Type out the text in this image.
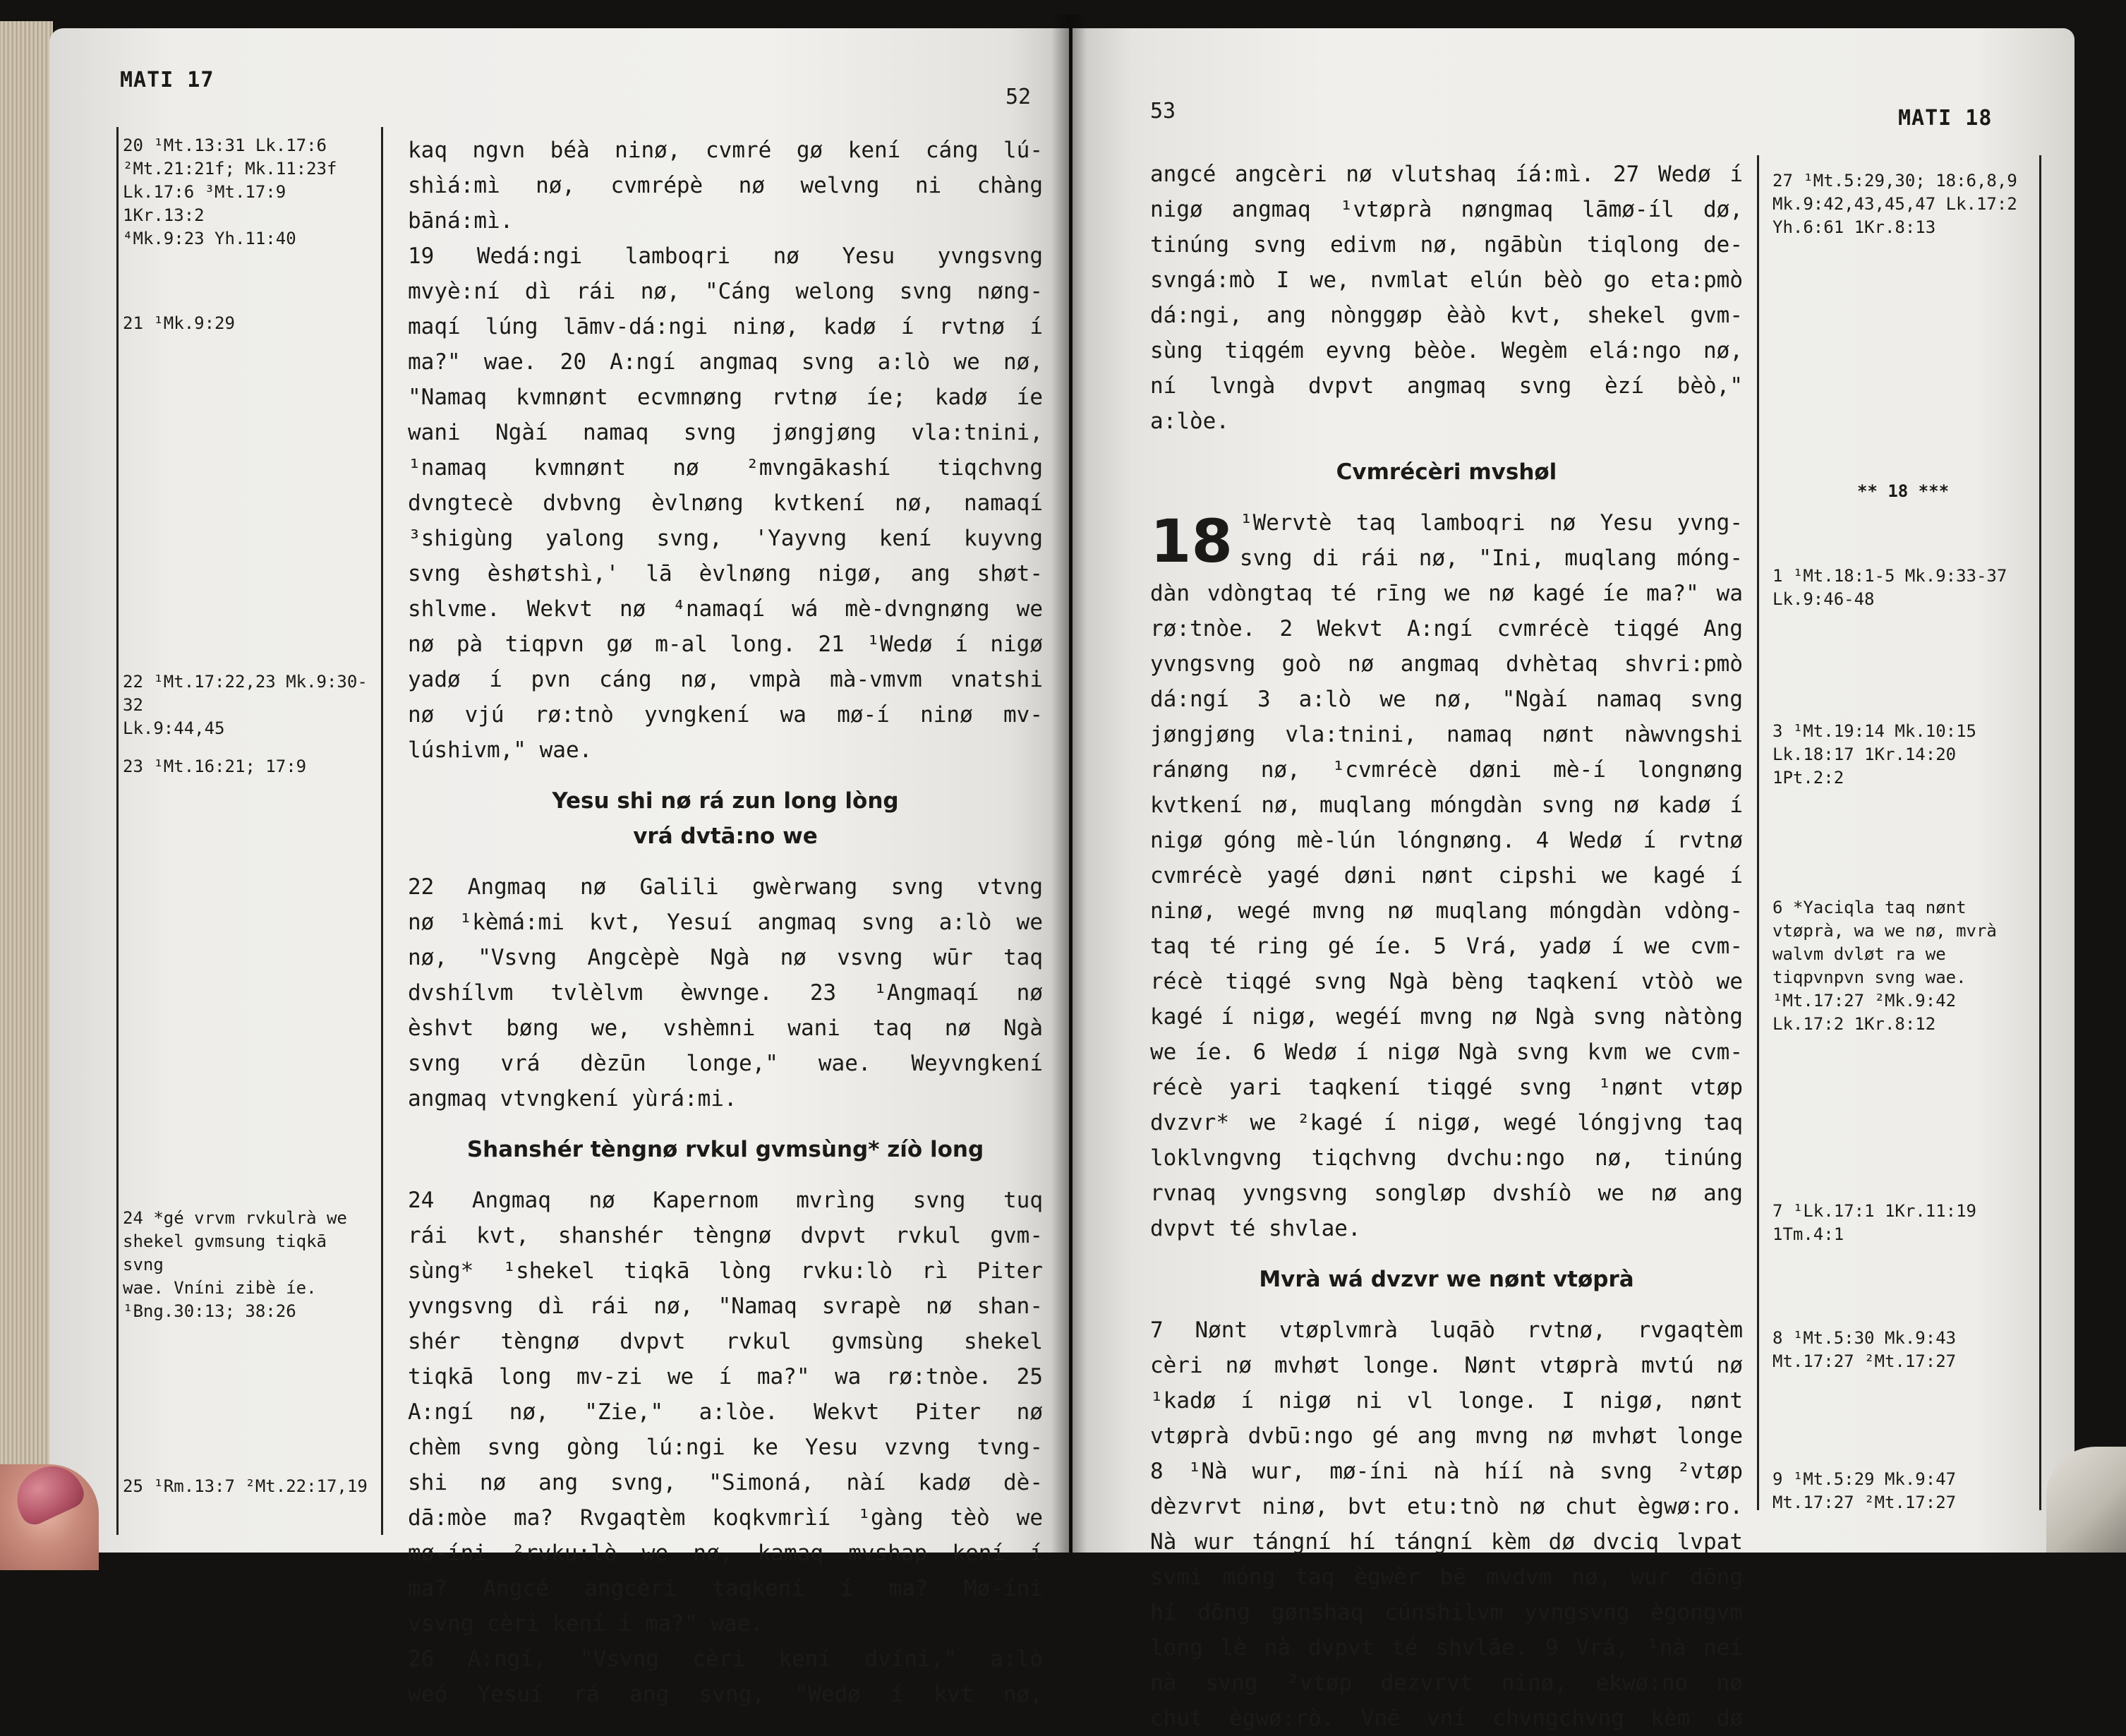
MATI 17
52
20 ¹Mt.13:31 Lk.17:6
²Mt.21:21f; Mk.11:23f
Lk.17:6 ³Mt.17:9 1Kr.13:2
⁴Mk.9:23 Yh.11:40
21 ¹Mk.9:29
22 ¹Mt.17:22,23 Mk.9:30-32
Lk.9:44,45
23 ¹Mt.16:21; 17:9
24 *gé vrvm rvkulrà we
shekel gvmsung tiqkā svng
wae. Vníni zibè íe.
¹Bng.30:13; 38:26
25 ¹Rm.13:7 ²Mt.22:17,19
kaq ngvn bé̀à ninø, cvmré gø kení cáng lú-
shìá:mì nø, cvmrépè nø welvng ni chàng
bāná:mì.
19 Wedá:ngi lamboqri nø Yesu yvngsvng
mvyè:ní dì rái nø, "Cáng welong svng nøng-
maqí lúng lāmv-dá:ngi ninø, kadø í rvtnø í
ma?" wae. 20 A:ngí angmaq svng a:lò we nø,
"Namaq kvmnønt ecvmnøng rvtnø íe; kadø íe
wani Ngàí namaq svng jøngjøng vla:tnini,
¹namaq kvmnønt nø ²mvngākashí tiqchvng
dvngtecè dvbvng èvlnøng kvtkení nø, namaqí
³shigùng yalong svng, 'Yayvng kení kuyvng
svng èshøtshì,' lā èvlnøng nigø, ang shøt-
shlvme. Wekvt nø ⁴namaqí wá mè-dvngnøng we
nø pà tiqpvn gø m-al long. 21 ¹Wedø í nigø
yadø í pvn cáng nø, vmpà mà-vmvm vnatshi
nø vjú rø:tnò yvngkení wa mø-í ninø mv-
lúshivm," wae.
Yesu shi nø rá zun long lòng
vrá dvtā:no we
22 Angmaq nø Galili gwèrwang svng vtvng
nø ¹kèmá:mi kvt, Yesuí angmaq svng a:lò we
nø, "Vsvng Angcèpè Ngà nø vsvng wūr taq
dvshílvm tvlèlvm èwvnge. 23 ¹Angmaqí nø
èshvt bøng we, vshèmni wani taq nø Ngà
svng vrá dèzūn longe," wae. Weyvngkení
angmaq vtvngkení yùrá:mi.
Shanshér tèngnø rvkul gvmsùng* zíò long
24 Angmaq nø Kapernom mvrìng svng tuq
rái kvt, shanshér tèngnø dvpvt rvkul gvm-
sùng* ¹shekel tiqkā lòng rvku:lò rì Piter
yvngsvng dì rái nø, "Namaq svrapè nø shan-
shér tèngnø dvpvt rvkul gvmsùng shekel
tiqkā long mv-zi we í ma?" wa rø:tnòe. 25
A:ngí nø, "Zie," a:lòe. Wekvt Piter nø
chèm svng gòng lú:ngi ke Yesu vzvng tvng-
shi nø ang svng, "Simoná, nàí kadø dè-
dā:mòe ma? Rvgaqtèm koqkvmrìí ¹gàng tèò we
mø-íni ²rvku:lò we nø, kamaq mvshap kení í
ma? Angcé angcèri taqkení í ma? Mø-íni
vsvng cèri kení í ma?" wae.
26 A:ngí, "Vsvng cèri kení dvíni," a:lò
weó Yesuí rá ang svng, "Wedø í kvt nø,
53	MATI 18
angcé angcèri nø vlutshaq íá:mì. 27 Wedø í
nigø angmaq ¹vtøprà nøngmaq lāmø-íl dø,
tinúng svng edivm nø, ngābùn tiqlong de-
svngá:mò I we, nvmlat elún bèò go eta:pmò
dá:ngi, ang nònggøp èàò kvt, shekel gvm-
sùng tiqgém eyvng bèòe. Wegèm elá:ngo nø,
ní lvngà dvpvt angmaq svng èzí bèò,"
a:lòe.
Cvmrécèri mvshøl
18 ¹Wervtè taq lamboqri nø Yesu yvng-
svng di rái nø, "Ini, muqlang móng-
dàn vdòngtaq té rīng we nø kagé íe ma?" wa
rø:tnòe. 2 Wekvt A:ngí cvmrécè tiqgé Ang
yvngsvng goò nø angmaq dvhètaq shvri:pmò
dá:ngí 3 a:lò we nø, "Ngàí namaq svng
jøngjøng vla:tnini, namaq nønt nàwvngshi
ránøng nø, ¹cvmrécè døni mè-í longnøng
kvtkení nø, muqlang móngdàn svng nø kadø í
nigø góng mè-lún lóngnøng. 4 Wedø í rvtnø
cvmrécè yagé døni nønt cipshi we kagé í
ninø, wegé mvng nø muqlang móngdàn vdòng-
taq té ring gé íe. 5 Vrá, yadø í we cvm-
récè tiqgé svng Ngà bèng taqkení vtòò we
kagé í nigø, wegéí mvng nø Ngà svng nàtòng
we íe. 6 Wedø í nigø Ngà svng kvm we cvm-
récè yari taqkení tiqgé svng ¹nønt vtøp
dvzvr* we ²kagé í nigø, wegé lóngjvng taq
loklvngvng tiqchvng dvchu:ngo nø, tinúng
rvnaq yvngsvng songløp dvshíò we nø ang
dvpvt té shvlae.
Mvrà wá dvzvr we nønt vtøprà
7 Nønt vtøplvmrà luqāò rvtnø, rvgaqtèm
cèri nø mvhøt longe. Nønt vtøprà mvtú nø
¹kadø í nigø ni vl longe. I nigø, nønt
vtøprà dvbū:ngo gé ang mvng nø mvhøt longe
8 ¹Nà wur, mø-íni nà híí nà svng ²vtøp
dèzvrvt ninø, bvt etu:tnò nø chut ègwø:ro.
Nà wur tángní hí tángní kèm dø dvciq lvpat
svmi móng taq ègwèr bē mvdvm nø, wur dōng
hí dōng gønshaq cúnshilvm yvngsvng ègongvm
long lè nà dvpvt té shvlāe. 9 Vrá, ¹nà neí
nà svng ²vtøp dezvrvt ninø, ekwø:no nø
chut ègwø:rò. Vnē vní chvngchvng kèm dø
27 ¹Mt.5:29,30; 18:6,8,9
Mk.9:42,43,45,47 Lk.17:2
Yh.6:61 1Kr.8:13
** 18 ***
1 ¹Mt.18:1-5 Mk.9:33-37
Lk.9:46-48
3 ¹Mt.19:14 Mk.10:15
Lk.18:17 1Kr.14:20
1Pt.2:2
6 *Yaciqla taq nønt
vtøprà, wa we nø, mvrà
walvm dvløt ra we
tiqpvnpvn svng wae.
¹Mt.17:27 ²Mk.9:42
Lk.17:2 1Kr.8:12
7 ¹Lk.17:1 1Kr.11:19
1Tm.4:1
8 ¹Mt.5:30 Mk.9:43
Mt.17:27 ²Mt.17:27
9 ¹Mt.5:29 Mk.9:47
Mt.17:27 ²Mt.17:27
